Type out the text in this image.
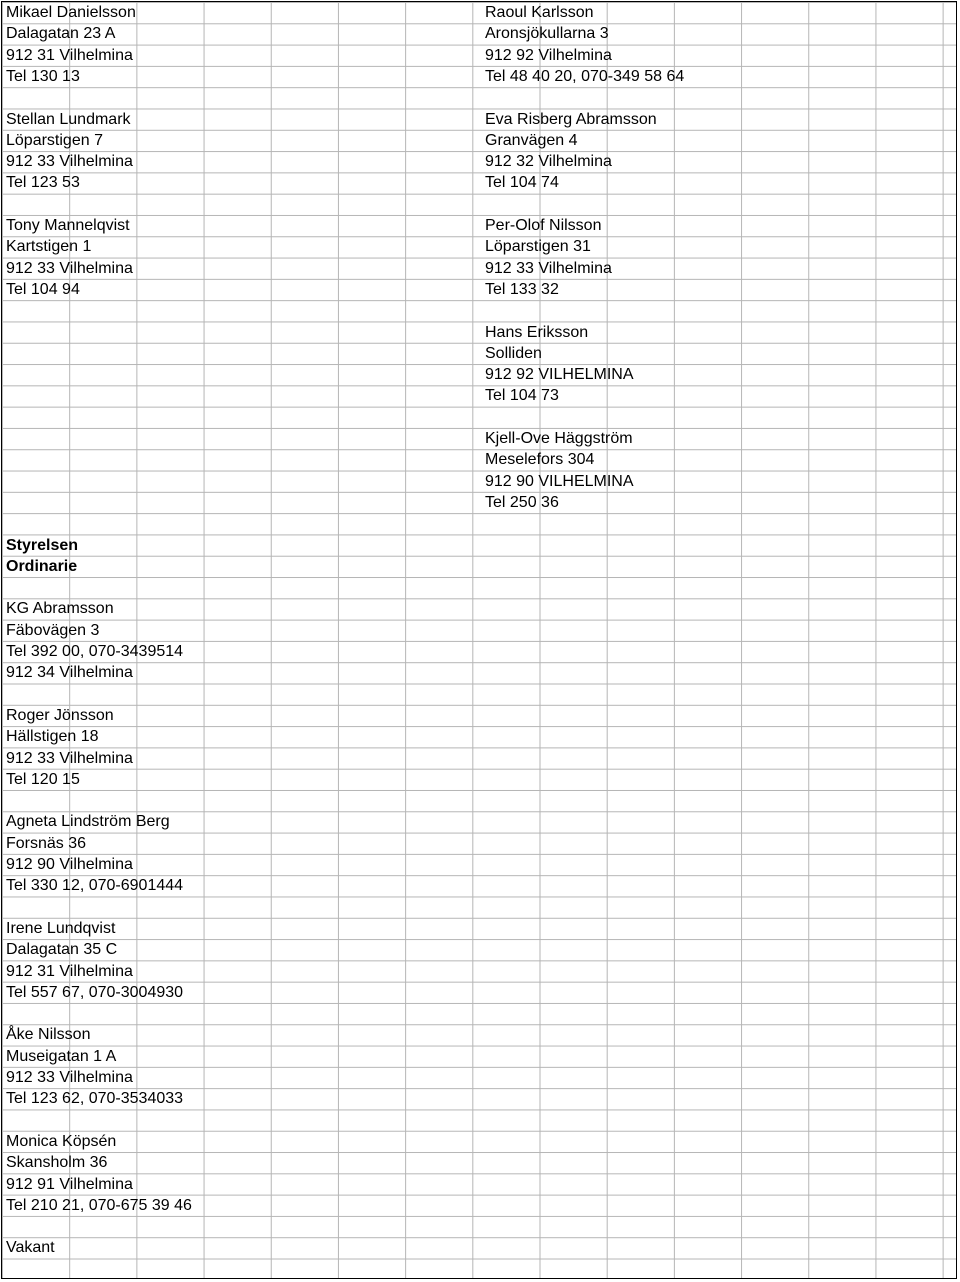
Mikael Danielsson
Dalagatan 23 A
912 31 Vilhelmina
Tel 130 13
Stellan Lundmark
Löparstigen 7
912 33 Vilhelmina
Tel 123 53
Tony Mannelqvist
Kartstigen 1
912 33 Vilhelmina
Tel 104 94
Raoul Karlsson
Aronsjökullarna 3
912 92 Vilhelmina
Tel 48 40 20, 070-349 58 64
Eva Risberg Abramsson
Granvägen 4
912 32 Vilhelmina
Tel 104 74
Per-Olof Nilsson
Löparstigen 31
912 33 Vilhelmina
Tel 133 32
Hans Eriksson
Solliden
912 92 VILHELMINA
Tel 104 73
Kjell-Ove Häggström
Meselefors 304
912 90 VILHELMINA
Tel 250 36
Styrelsen
Ordinarie
KG Abramsson
Fäbovägen 3
Tel 392 00, 070-3439514
912 34 Vilhelmina
Roger Jönsson
Hällstigen 18
912 33 Vilhelmina
Tel 120 15
Agneta Lindström Berg
Forsnäs 36
912 90 Vilhelmina
Tel 330 12, 070-6901444
Irene Lundqvist
Dalagatan 35 C
912 31 Vilhelmina
Tel 557 67, 070-3004930
Åke Nilsson
Museigatan 1 A
912 33 Vilhelmina
Tel 123 62, 070-3534033
Monica Köpsén
Skansholm 36
912 91 Vilhelmina
Tel 210 21, 070-675 39 46
Vakant
